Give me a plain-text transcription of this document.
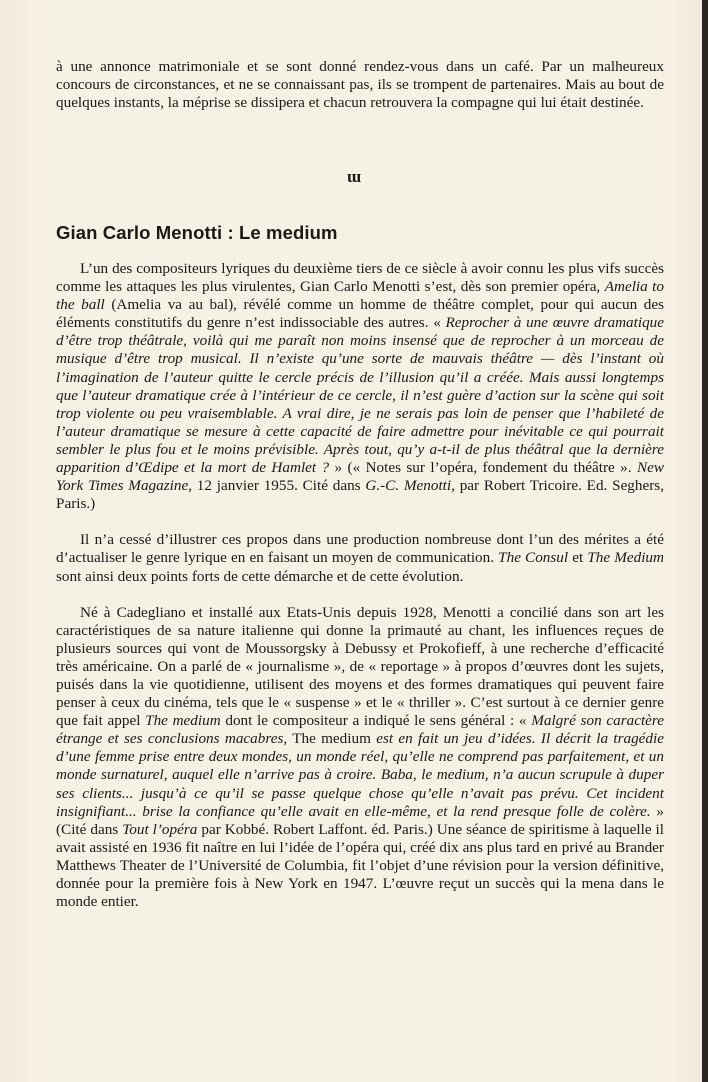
à une annonce matrimoniale et se sont donné rendez-vous dans un café. Par un malheureux concours de circonstances, et ne se connaissant pas, ils se trompent de partenaires. Mais au bout de quelques instants, la méprise se dissipera et chacun retrouvera la compagne qui lui était destinée.

ɯ
Gian Carlo Menotti : Le medium

L’un des compositeurs lyriques du deuxième tiers de ce siècle à avoir connu les plus vifs succès comme les attaques les plus virulentes, Gian Carlo Menotti s’est, dès son premier opéra, Amelia to the ball (Amelia va au bal), révélé comme un homme de théâtre complet, pour qui aucun des éléments constitutifs du genre n’est indissociable des autres. « Reprocher à une œuvre dramatique d’être trop théâtrale, voilà qui me paraît non moins insensé que de reprocher à un morceau de musique d’être trop musical. Il n’existe qu’une sorte de mauvais théâtre — dès l’instant où l’imagination de l’auteur quitte le cercle précis de l’illusion qu’il a créée. Mais aussi longtemps que l’auteur dramatique crée à l’intérieur de ce cercle, il n’est guère d’action sur la scène qui soit trop violente ou peu vraisemblable. A vrai dire, je ne serais pas loin de penser que l’habileté de l’auteur dramatique se mesure à cette capacité de faire admettre pour inévitable ce qui pourrait sembler le plus fou et le moins prévisible. Après tout, qu’y a-t-il de plus théâtral que la dernière apparition d’Œdipe et la mort de Hamlet ? » (« Notes sur l’opéra, fondement du théâtre ». New York Times Magazine, 12 janvier 1955. Cité dans G.-C. Menotti, par Robert Tricoire. Ed. Seghers, Paris.)

Il n’a cessé d’illustrer ces propos dans une production nombreuse dont l’un des mérites a été d’actualiser le genre lyrique en en faisant un moyen de communication. The Consul et The Medium sont ainsi deux points forts de cette démarche et de cette évolution.

Né à Cadegliano et installé aux Etats-Unis depuis 1928, Menotti a concilié dans son art les caractéristiques de sa nature italienne qui donne la primauté au chant, les influences reçues de plusieurs sources qui vont de Moussorgsky à Debussy et Prokofieff, à une recherche d’efficacité très américaine. On a parlé de « journalisme », de « reportage » à propos d’œuvres dont les sujets, puisés dans la vie quotidienne, utilisent des moyens et des formes dramatiques qui peuvent faire penser à ceux du cinéma, tels que le « suspense » et le « thriller ». C’est surtout à ce dernier genre que fait appel The medium dont le compositeur a indiqué le sens général : « Malgré son caractère étrange et ses conclusions macabres, The medium est en fait un jeu d’idées. Il décrit la tragédie d’une femme prise entre deux mondes, un monde réel, qu’elle ne comprend pas parfaitement, et un monde surnaturel, auquel elle n’arrive pas à croire. Baba, le medium, n’a aucun scrupule à duper ses clients... jusqu’à ce qu’il se passe quelque chose qu’elle n’avait pas prévu. Cet incident insignifiant... brise la confiance qu’elle avait en elle-même, et la rend presque folle de colère. » (Cité dans Tout l’opéra par Kobbé. Robert Laffont. éd. Paris.) Une séance de spiritisme à laquelle il avait assisté en 1936 fit naître en lui l’idée de l’opéra qui, créé dix ans plus tard en privé au Brander Matthews Theater de l’Université de Columbia, fit l’objet d’une révision pour la version définitive, donnée pour la première fois à New York en 1947. L’œuvre reçut un succès qui la mena dans le monde entier.
